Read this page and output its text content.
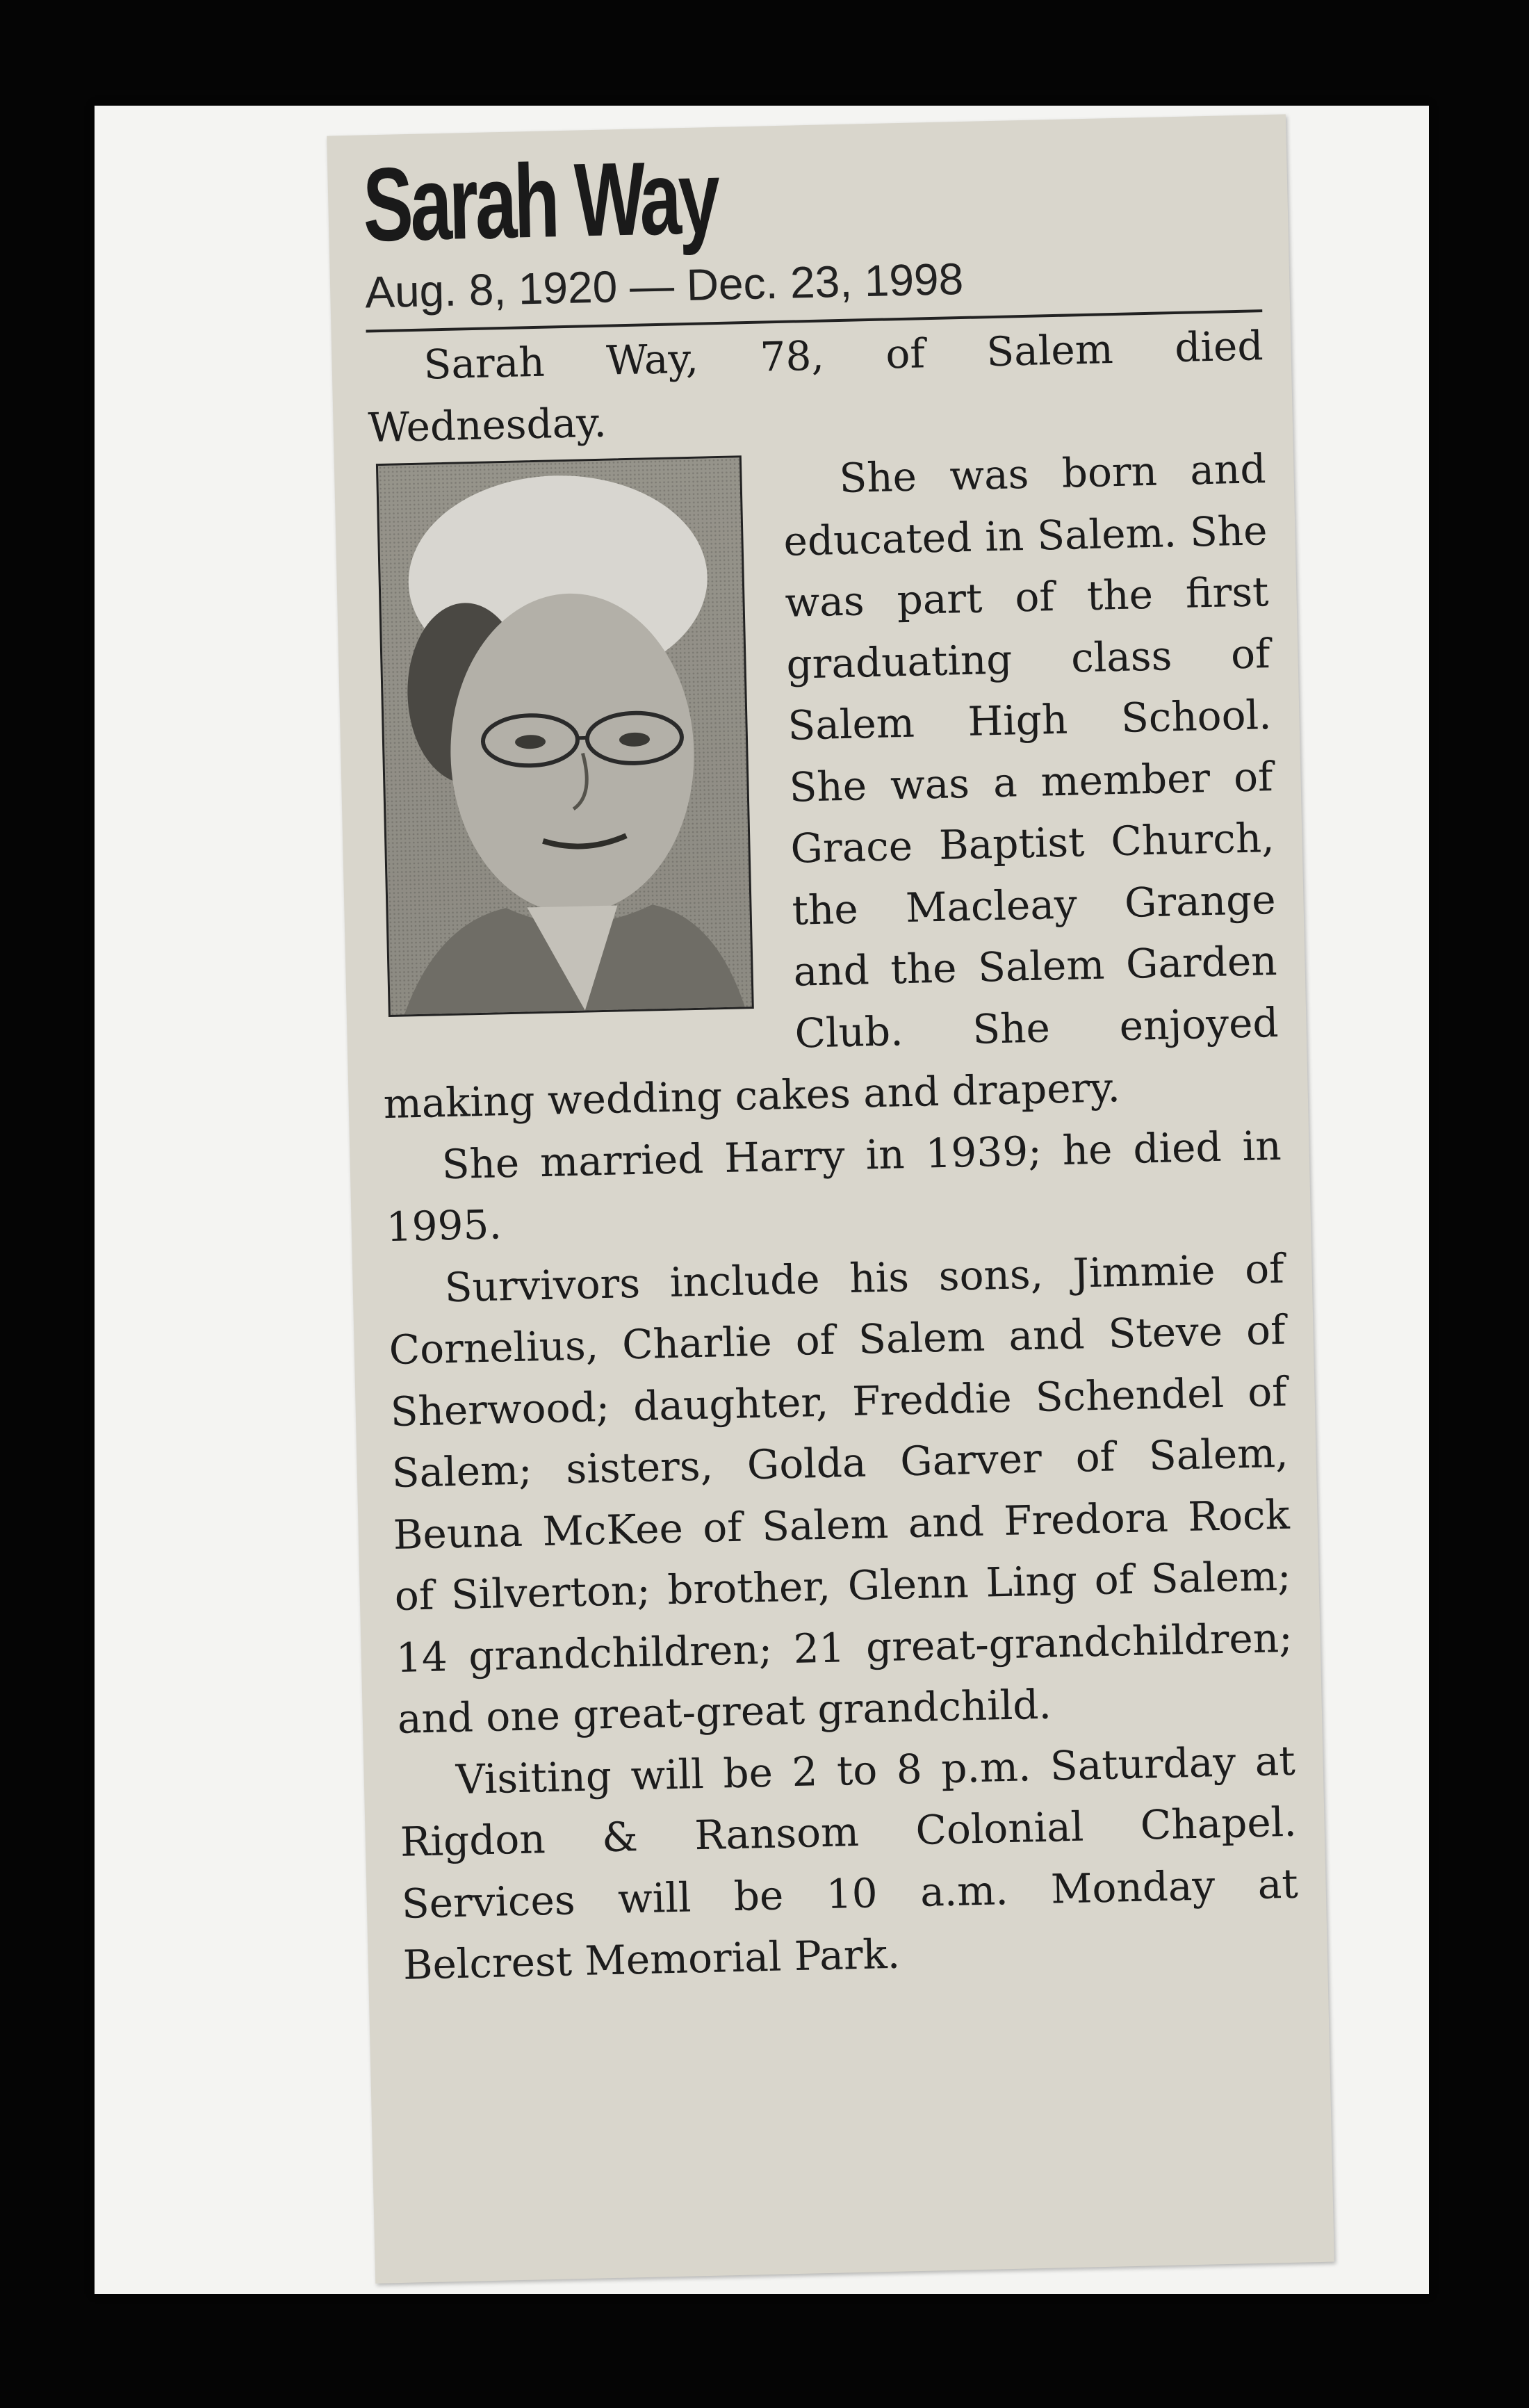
Sarah Way
Aug. 8, 1920 — Dec. 23, 1998

Sarah Way, 78, of Salem died Wednesday.

She was born and educated in Salem. She was part of the first graduating class of Salem High School. She was a member of Grace Baptist Church, the Macleay Grange and the Salem Garden Club. She enjoyed making wedding cakes and drapery.

She married Harry in 1939; he died in 1995.

Survivors include his sons, Jimmie of Cornelius, Charlie of Salem and Steve of Sherwood; daughter, Freddie Schendel of Salem; sisters, Golda Garver of Salem, Beuna McKee of Salem and Fredora Rock of Silverton; brother, Glenn Ling of Salem; 14 grandchildren; 21 great-grandchildren; and one great-great grandchild.

Visiting will be 2 to 8 p.m. Saturday at Rigdon & Ransom Colonial Chapel. Services will be 10 a.m. Monday at Belcrest Memorial Park.
